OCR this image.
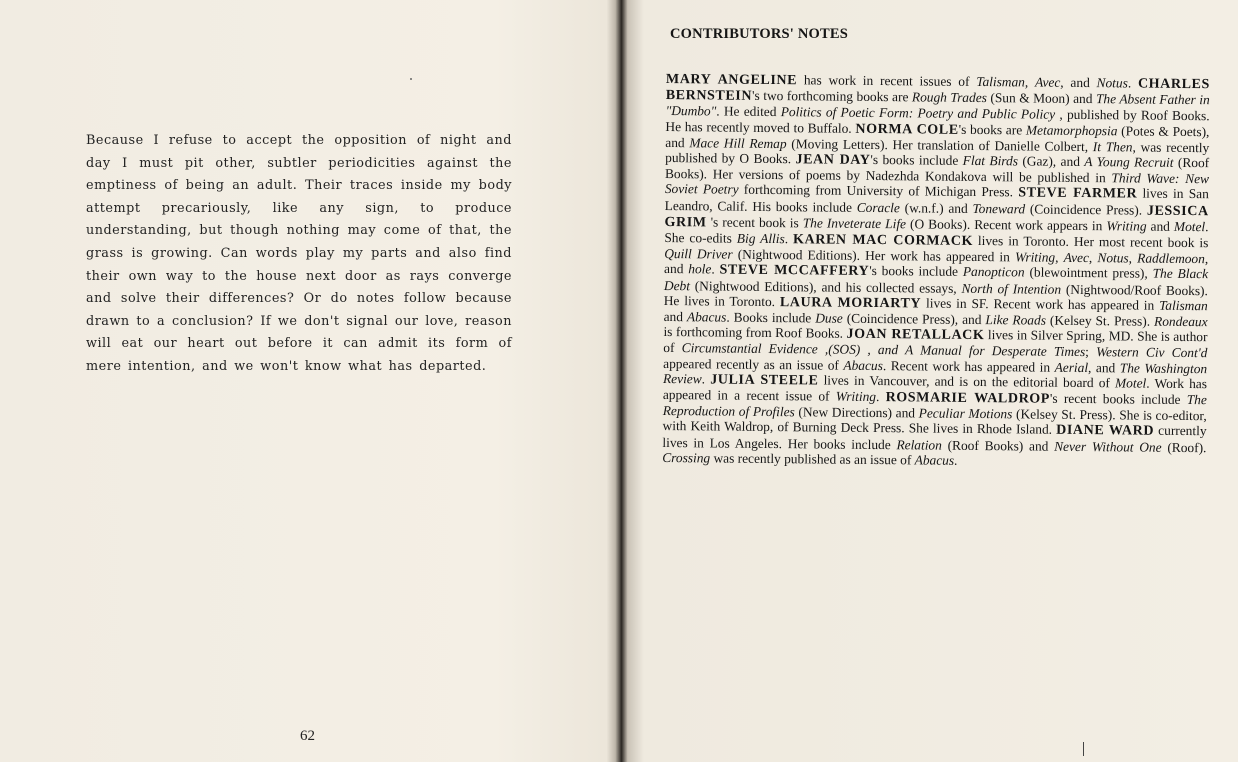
Because I refuse to accept the opposition of night and day I must pit other, subtler periodicities against the emptiness of being an adult. Their traces inside my body attempt precariously, like any sign, to produce understanding, but though nothing may come of that, the grass is growing. Can words play my parts and also find their own way to the house next door as rays converge and solve their differences? Or do notes follow because drawn to a conclusion? If we don't signal our love, reason will eat our heart out before it can admit its form of mere intention, and we won't know what has departed.

62
CONTRIBUTORS' NOTES

MARY ANGELINE has work in recent issues of Talisman, Avec, and Notus. CHARLES BERNSTEIN's two forthcoming books are Rough Trades (Sun & Moon) and The Absent Father in "Dumbo". He edited Politics of Poetic Form: Poetry and Public Policy , published by Roof Books. He has recently moved to Buffalo. NORMA COLE's books are Metamorphopsia (Potes & Poets), and Mace Hill Remap (Moving Letters). Her translation of Danielle Colbert, It Then, was recently published by O Books. JEAN DAY's books include Flat Birds (Gaz), and A Young Recruit (Roof Books). Her versions of poems by Nadezhda Kondakova will be published in Third Wave: New Soviet Poetry forthcoming from University of Michigan Press. STEVE FARMER lives in San Leandro, Calif. His books include Coracle (w.n.f.) and Toneward (Coincidence Press). JESSICA GRIM 's recent book is The Inveterate Life (O Books). Recent work appears in Writing and Motel. She co-edits Big Allis. KAREN MAC CORMACK lives in Toronto. Her most recent book is Quill Driver (Nightwood Editions). Her work has appeared in Writing, Avec, Notus, Raddlemoon, and hole. STEVE MCCAFFERY's books include Panopticon (blewointment press), The Black Debt (Nightwood Editions), and his collected essays, North of Intention (Nightwood/Roof Books). He lives in Toronto. LAURA MORIARTY lives in SF. Recent work has appeared in Talisman and Abacus. Books include Duse (Coincidence Press), and Like Roads (Kelsey St. Press). Rondeaux is forthcoming from Roof Books. JOAN RETALLACK lives in Silver Spring, MD. She is author of Circumstantial Evidence ,(SOS) , and A Manual for Desperate Times; Western Civ Cont'd appeared recently as an issue of Abacus. Recent work has appeared in Aerial, and The Washington Review. JULIA STEELE lives in Vancouver, and is on the editorial board of Motel. Work has appeared in a recent issue of Writing. ROSMARIE WALDROP's recent books include The Reproduction of Profiles (New Directions) and Peculiar Motions (Kelsey St. Press). She is co-editor, with Keith Waldrop, of Burning Deck Press. She lives in Rhode Island. DIANE WARD currently lives in Los Angeles. Her books include Relation (Roof Books) and Never Without One (Roof). Crossing was recently published as an issue of Abacus.
